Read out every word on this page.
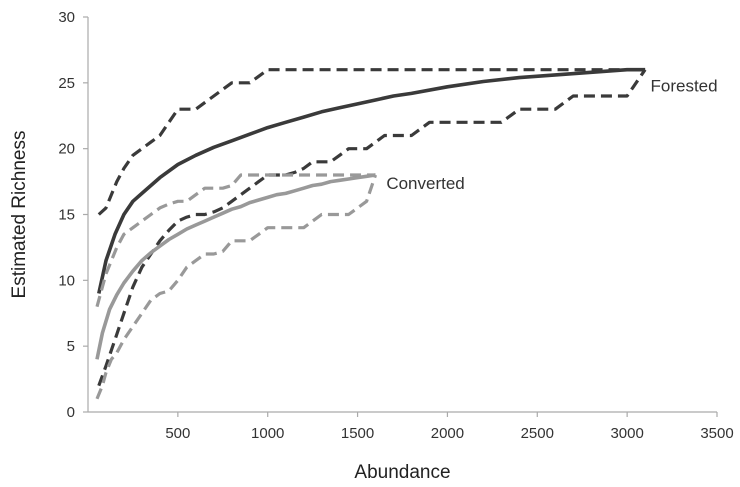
500	1000	1500	2000	2500	3000	3500
0
5
10
15
20
25
30
Forested
Converted
Abundance
Estimated Richness
